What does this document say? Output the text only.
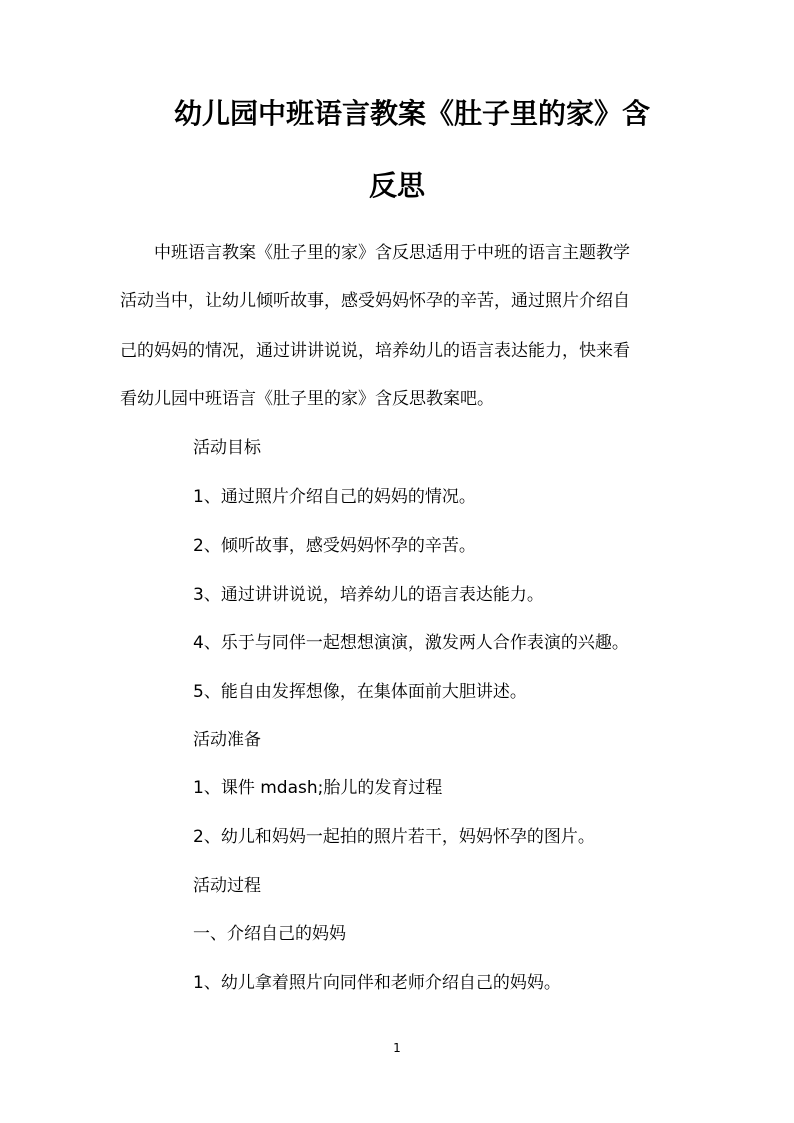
幼儿园中班语言教案《肚子里的家》含
反思
　　中班语言教案《肚子里的家》含反思适用于中班的语言主题教学
活动当中，让幼儿倾听故事，感受妈妈怀孕的辛苦，通过照片介绍自
己的妈妈的情况，通过讲讲说说，培养幼儿的语言表达能力，快来看
看幼儿园中班语言《肚子里的家》含反思教案吧。
活动目标
1、通过照片介绍自己的妈妈的情况。
2、倾听故事，感受妈妈怀孕的辛苦。
3、通过讲讲说说，培养幼儿的语言表达能力。
4、乐于与同伴一起想想演演，激发两人合作表演的兴趣。
5、能自由发挥想像，在集体面前大胆讲述。
活动准备
1、课件 mdash;胎儿的发育过程
2、幼儿和妈妈一起拍的照片若干，妈妈怀孕的图片。
活动过程
一、介绍自己的妈妈
1、幼儿拿着照片向同伴和老师介绍自己的妈妈。
1
